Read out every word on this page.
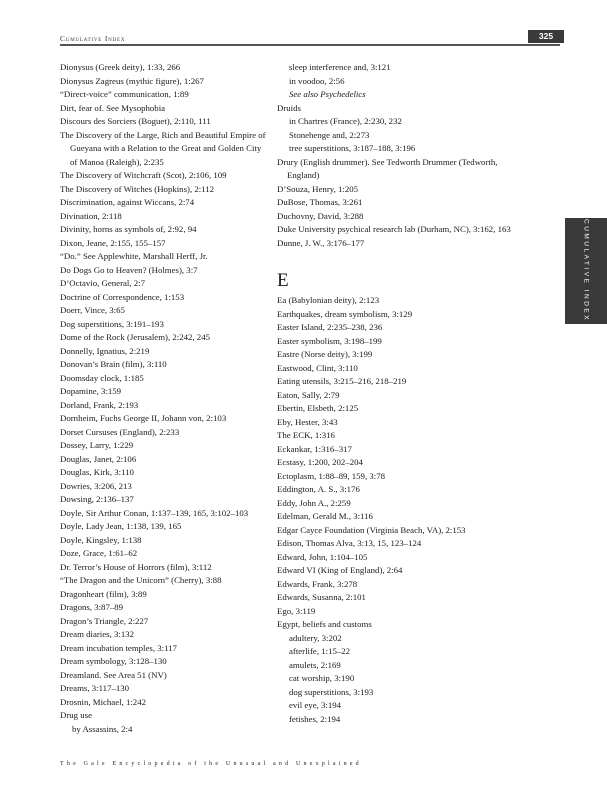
Cumulative Index	325
Dionysus (Greek deity), 1:33, 266
Dionysus Zagreus (mythic figure), 1:267
“Direct-voice” communication, 1:89
Dirt, fear of. See Mysophobia
Discours des Sorciers (Boguet), 2:110, 111
The Discovery of the Large, Rich and Beautiful Empire of Gueyana with a Relation to the Great and Golden City of Manoa (Raleigh), 2:235
The Discovery of Witchcraft (Scot), 2:106, 109
The Discovery of Witches (Hopkins), 2:112
Discrimination, against Wiccans, 2:74
Divination, 2:118
Divinity, horns as symbols of, 2:92, 94
Dixon, Jeane, 2:155, 155–157
“Do.” See Applewhite, Marshall Herff, Jr.
Do Dogs Go to Heaven? (Holmes), 3:7
D’Octavio, General, 2:7
Doctrine of Correspondence, 1:153
Doerr, Vince, 3:65
Dog superstitions, 3:191–193
Dome of the Rock (Jerusalem), 2:242, 245
Donnelly, Ignatius, 2:219
Donovan’s Brain (film), 3:110
Doomsday clock, 1:185
Dopamine, 3:159
Dorland, Frank, 2:193
Dornheim, Fuchs George II, Johann von, 2:103
Dorset Cursuses (England), 2:233
Dossey, Larry, 1:229
Douglas, Janet, 2:106
Douglas, Kirk, 3:110
Dowries, 3:206, 213
Dowsing, 2:136–137
Doyle, Sir Arthur Conan, 1:137–139, 165, 3:102–103
Doyle, Lady Jean, 1:138, 139, 165
Doyle, Kingsley, 1:138
Doze, Grace, 1:61–62
Dr. Terror’s House of Horrors (film), 3:112
“The Dragon and the Unicorn” (Cherry), 3:88
Dragonheart (film), 3:89
Dragons, 3:87–89
Dragon’s Triangle, 2:227
Dream diaries, 3:132
Dream incubation temples, 3:117
Dream symbology, 3:128–130
Dreamland. See Area 51 (NV)
Dreams, 3:117–130
Drosnin, Michael, 1:242
Drug use
by Assassins, 2:4
sleep interference and, 3:121
in voodoo, 2:56
See also Psychedelics
Druids
in Chartres (France), 2:230, 232
Stonehenge and, 2:273
tree superstitions, 3:187–188, 3:196
Drury (English drummer). See Tedworth Drummer (Tedworth, England)
D’Souza, Henry, 1:205
DuBose, Thomas, 3:261
Duchovny, David, 3:288
Duke University psychical research lab (Durham, NC), 3:162, 163
Dunne, J. W., 3:176–177
E
Ea (Babylonian deity), 2:123
Earthquakes, dream symbolism, 3:129
Easter Island, 2:235–238, 236
Easter symbolism, 3:198–199
Eastre (Norse deity), 3:199
Eastwood, Clint, 3:110
Eating utensils, 3:215–216, 218–219
Eaton, Sally, 2:79
Ebertin, Elsbeth, 2:125
Eby, Hester, 3:43
The ECK, 1:316
Eckankar, 1:316–317
Ecstasy, 1:200, 202–204
Ectoplasm, 1:88–89, 159, 3:78
Eddington, A. S., 3:176
Eddy, John A., 2:259
Edelman, Gerald M., 3:116
Edgar Cayce Foundation (Virginia Beach, VA), 2:153
Edison, Thomas Alva, 3:13, 15, 123–124
Edward, John, 1:104–105
Edward VI (King of England), 2:64
Edwards, Frank, 3:278
Edwards, Susanna, 2:101
Ego, 3:119
Egypt, beliefs and customs
adultery, 3:202
afterlife, 1:15–22
amulets, 2:169
cat worship, 3:190
dog superstitions, 3:193
evil eye, 3:194
fetishes, 2:194
CUMULATIVE INDEX
The Gale Encyclopedia of the Unusual and Unexplained
